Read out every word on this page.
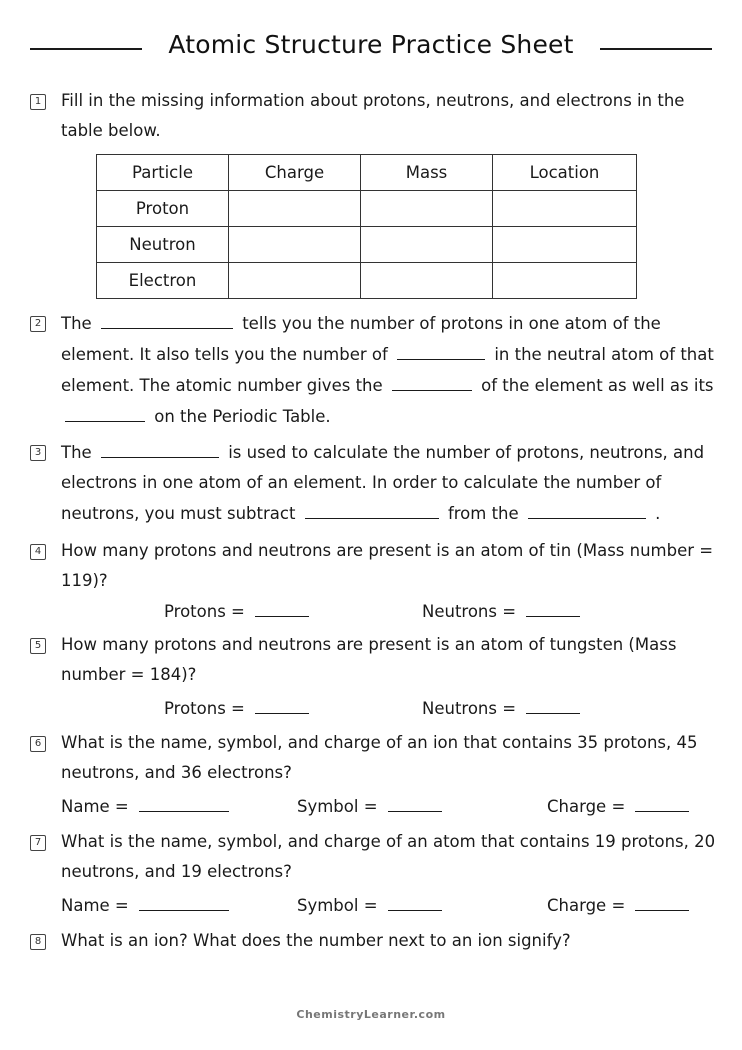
Atomic Structure Practice Sheet
1 Fill in the missing information about protons, neutrons, and electrons in the table below.
Particle	Charge	Mass	Location
Proton			
Neutron			
Electron			
2 The	tells you the number of protons in one atom of the element. It also tells you the number of	in the neutral atom of that element. The atomic number gives the	of the element as well as its  on the Periodic Table.
3 The	is used to calculate the number of protons, neutrons, and electrons in one atom of an element. In order to calculate the number of neutrons, you must subtract	from the	.
4 How many protons and neutrons are present is an atom of tin (Mass number = 119)?
Protons =	Neutrons =
5 How many protons and neutrons are present is an atom of tungsten (Mass number = 184)?
Protons =	Neutrons =
6 What is the name, symbol, and charge of an ion that contains 35 protons, 45 neutrons, and 36 electrons?
Name =	Symbol =	Charge =
7 What is the name, symbol, and charge of an atom that contains 19 protons, 20 neutrons, and 19 electrons?
Name =	Symbol =	Charge =
8 What is an ion? What does the number next to an ion signify?
ChemistryLearner.com
